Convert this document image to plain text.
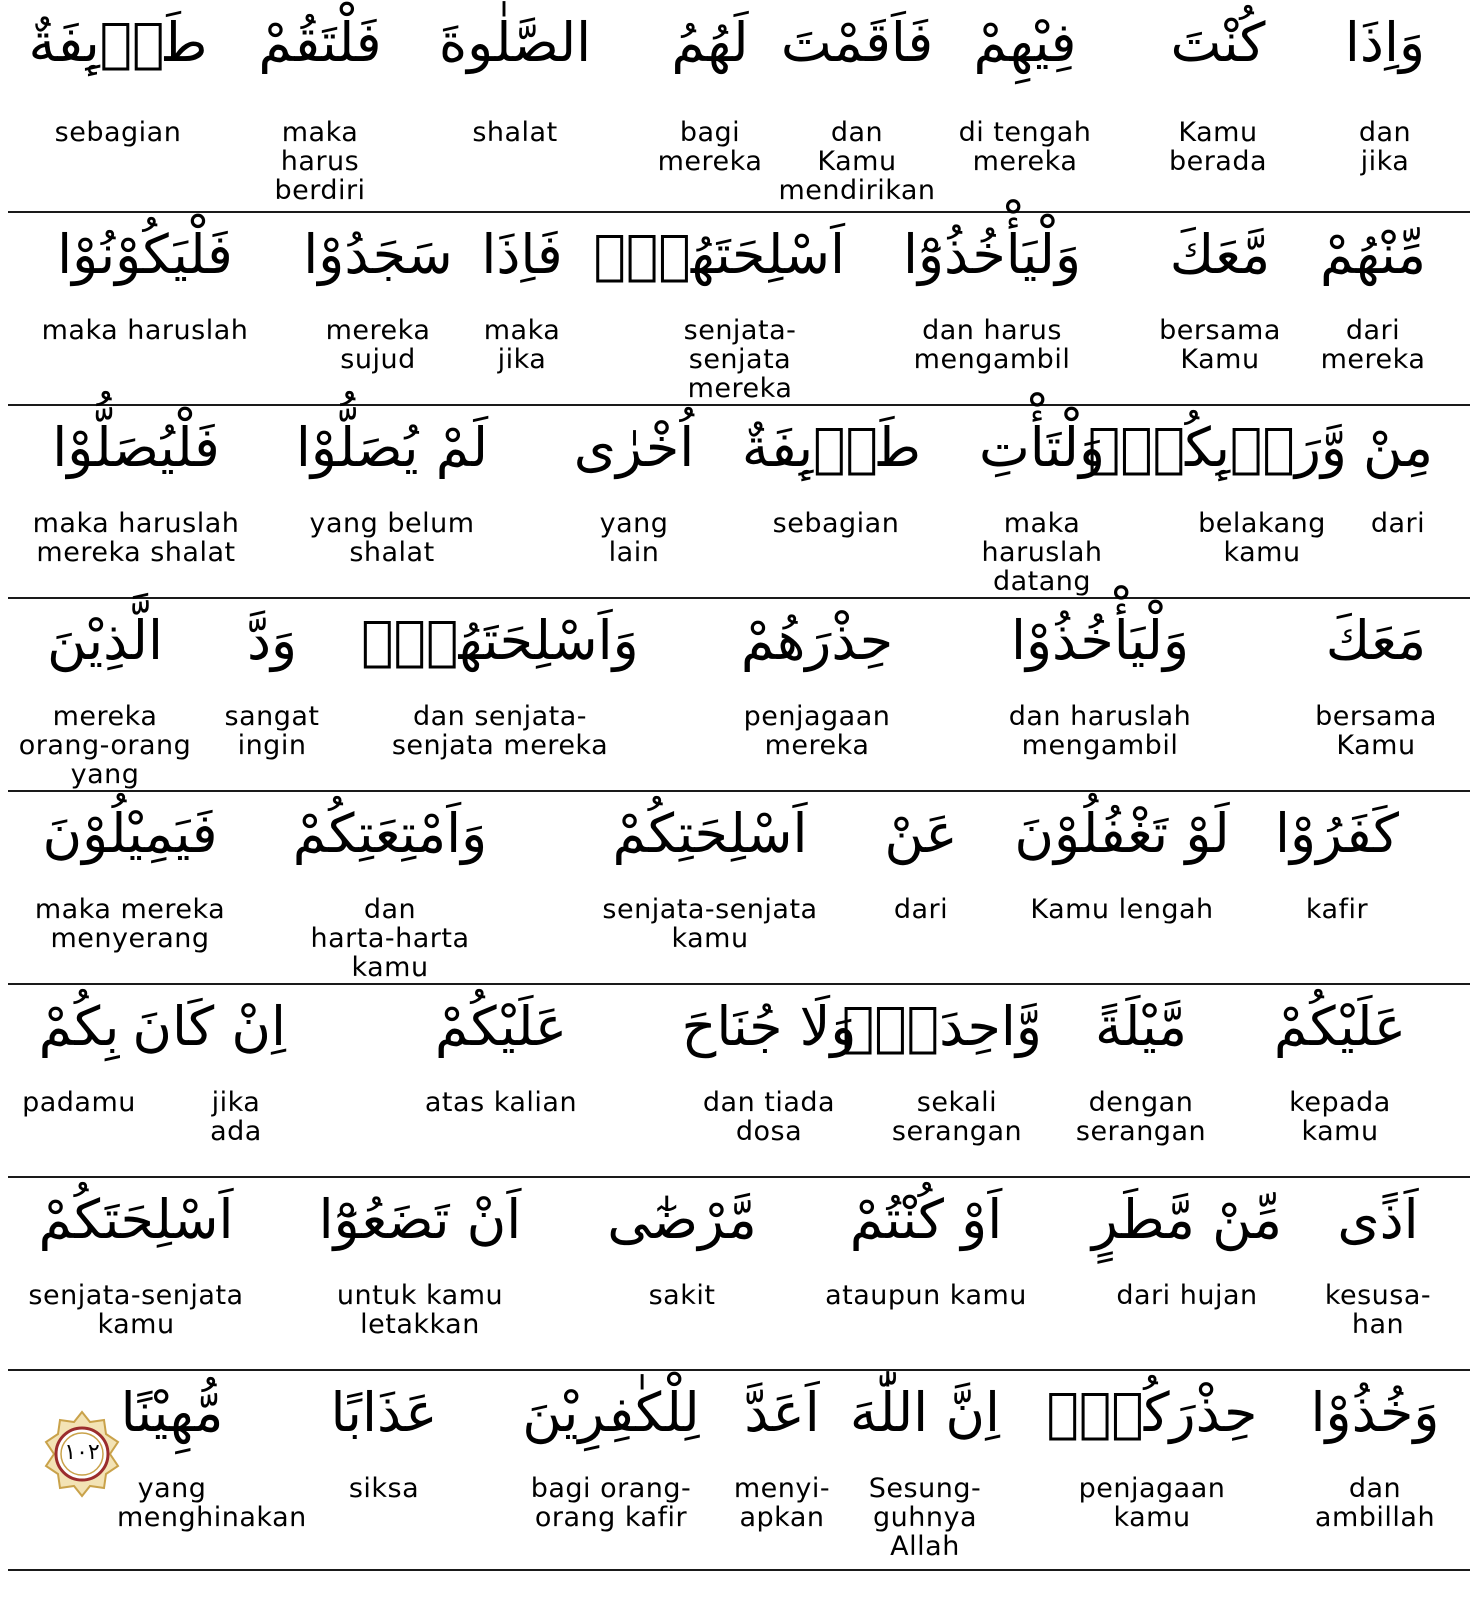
وَاِذَا
dan
jika
كُنْتَ
Kamu
berada
فِيْهِمْ
di tengah
mereka
فَاَقَمْتَ
dan
Kamu
mendirikan
لَهُمُ
bagi
mereka
الصَّلٰوةَ
shalat
فَلْتَقُمْ
maka
harus
berdiri
طَاۤىِٕفَةٌ
sebagian
مِّنْهُمْ
dari
mereka
مَّعَكَ
bersama
Kamu
وَلْيَأْخُذُوْٓا
dan harus
mengambil
اَسْلِحَتَهُمْۗ
senjata-
senjata
mereka
فَاِذَا
maka
jika
سَجَدُوْا
mereka
sujud
فَلْيَكُوْنُوْا
maka haruslah
مِنْ
dari
وَّرَاۤىِٕكُمْۖ
belakang
kamu
وَلْتَأْتِ
maka
haruslah
datang
طَاۤىِٕفَةٌ
sebagian
اُخْرٰى
yang
lain
لَمْ يُصَلُّوْا
yang belum
shalat
فَلْيُصَلُّوْا
maka haruslah
mereka shalat
مَعَكَ
bersama
Kamu
وَلْيَأْخُذُوْا
dan haruslah
mengambil
حِذْرَهُمْ
penjagaan
mereka
وَاَسْلِحَتَهُمْۚ
dan senjata-
senjata mereka
وَدَّ
sangat
ingin
الَّذِيْنَ
mereka
orang-orang
yang
كَفَرُوْا
kafir
لَوْ تَغْفُلُوْنَ
Kamu lengah
عَنْ
dari
اَسْلِحَتِكُمْ
senjata-senjata
kamu
وَاَمْتِعَتِكُمْ
dan
harta-harta
kamu
فَيَمِيْلُوْنَ
maka mereka
menyerang
عَلَيْكُمْ
kepada
kamu
مَّيْلَةً
dengan
serangan
وَّاحِدَةًۗ
sekali
serangan
وَلَا جُنَاحَ
dan tiada
dosa
عَلَيْكُمْ
atas kalian
اِنْ كَانَ
jika
ada
بِكُمْ
padamu
اَذًى
kesusa-
han
مِّنْ مَّطَرٍ
dari hujan
اَوْ كُنْتُمْ
ataupun kamu
مَّرْضٰٓى
sakit
اَنْ تَضَعُوْٓا
untuk kamu
letakkan
اَسْلِحَتَكُمْ
senjata-senjata
kamu
وَخُذُوْا
dan
ambillah
حِذْرَكُمْۗ
penjagaan
kamu
اِنَّ اللّٰهَ
Sesung-
guhnya
Allah
اَعَدَّ
menyi-
apkan
لِلْكٰفِرِيْنَ
bagi orang-
orang kafir
عَذَابًا
siksa
مُّهِيْنًا
yang
menghinakan
١٠٢
